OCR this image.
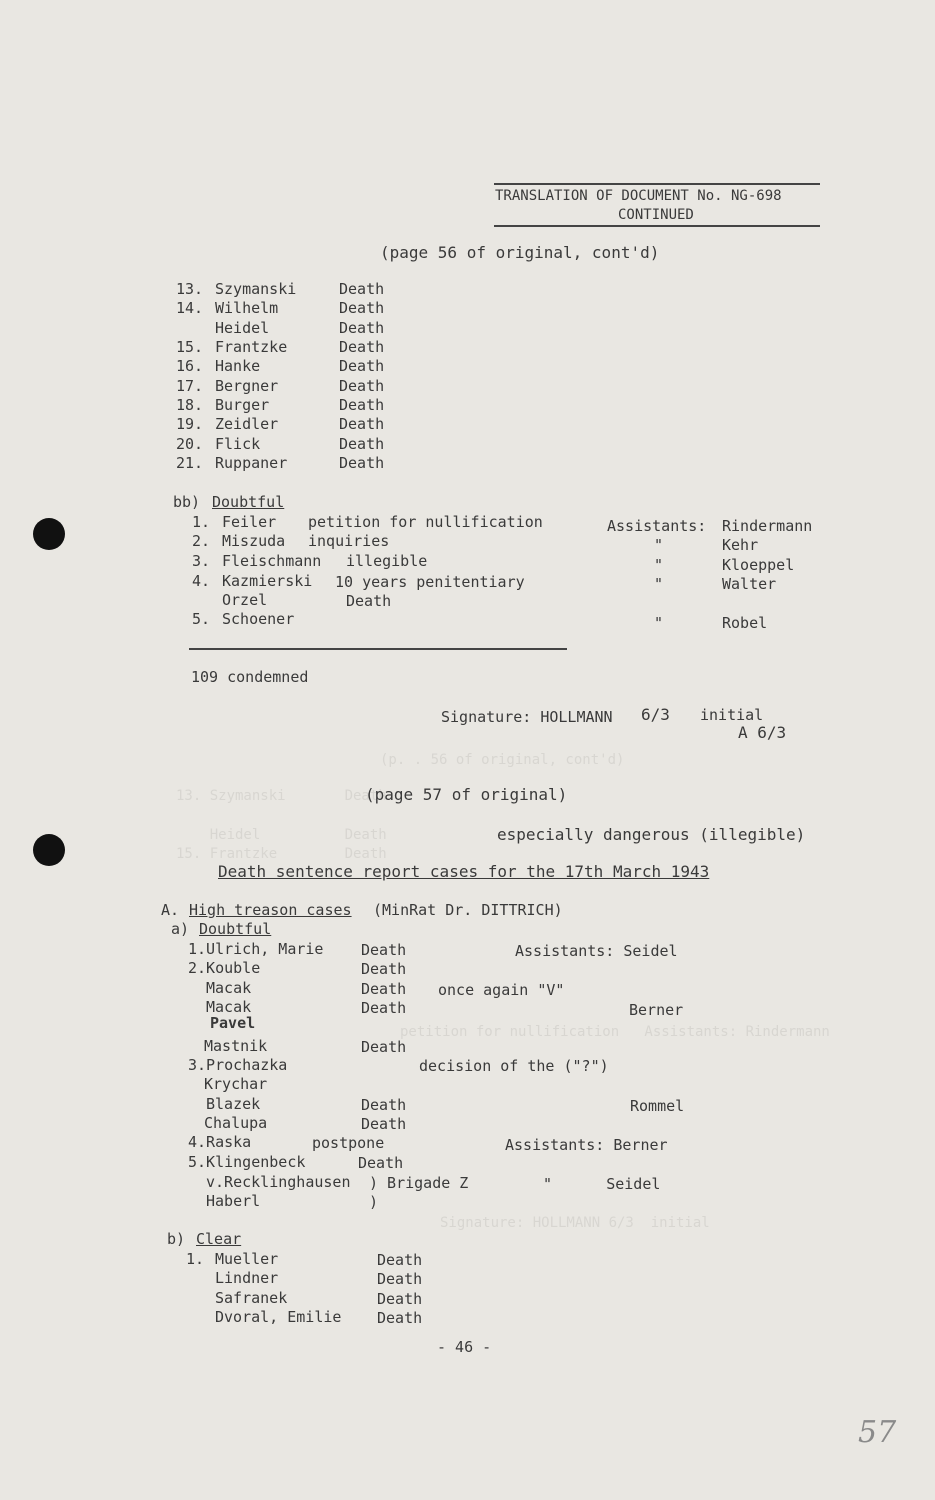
TRANSLATION OF DOCUMENT No. NG-698
CONTINUED
(page 56 of original, cont'd)
13. Szymanski	Death
14. Wilhelm	Death
Heidel	Death
15. Frantzke	Death
16. Hanke	Death
17. Bergner	Death
18. Burger	Death
19. Zeidler	Death
20. Flick	Death
21. Ruppaner	Death
bb) Doubtful
1. Feiler petition for nullification	Assistants: Rindermann
2. Miszuda inquiries	"	Kehr
3. Fleischmann illegible	"	Kloeppel
4. Kazmierski 10 years penitentiary	"	Walter
Orzel	Death
5. Schoener	"	Robel
109 condemned
Signature: HOLLMANN 6/3 initial
A 6/3
(p. . 56 of original, cont'd)
13. Szymanski       Death
Heidel          Death
15. Frantzke        Death
petition for nullification   Assistants: Rindermann
Signature: HOLLMANN 6/3  initial
(page 57 of original)
especially dangerous (illegible)
Death sentence report cases for the 17th March 1943
A. High treason cases (MinRat Dr. DITTRICH)
a) Doubtful
1.Ulrich, Marie	Death	Assistants: Seidel
2.Kouble	Death
Macak	Death once again "V"
Macak	Death	Berner
Pavel
Mastnik	Death
3.Prochazka	decision of the ("?")
Krychar
Blazek	Death	Rommel
Chalupa	Death
4.Raska	postpone	Assistants: Berner
5.Klingenbeck	Death
v.Recklinghausen ) Brigade Z	"      Seidel
Haberl	)
b) Clear
1. Mueller	Death
Lindner	Death
Safranek	Death
Dvoral, Emilie Death
- 46 -
57
